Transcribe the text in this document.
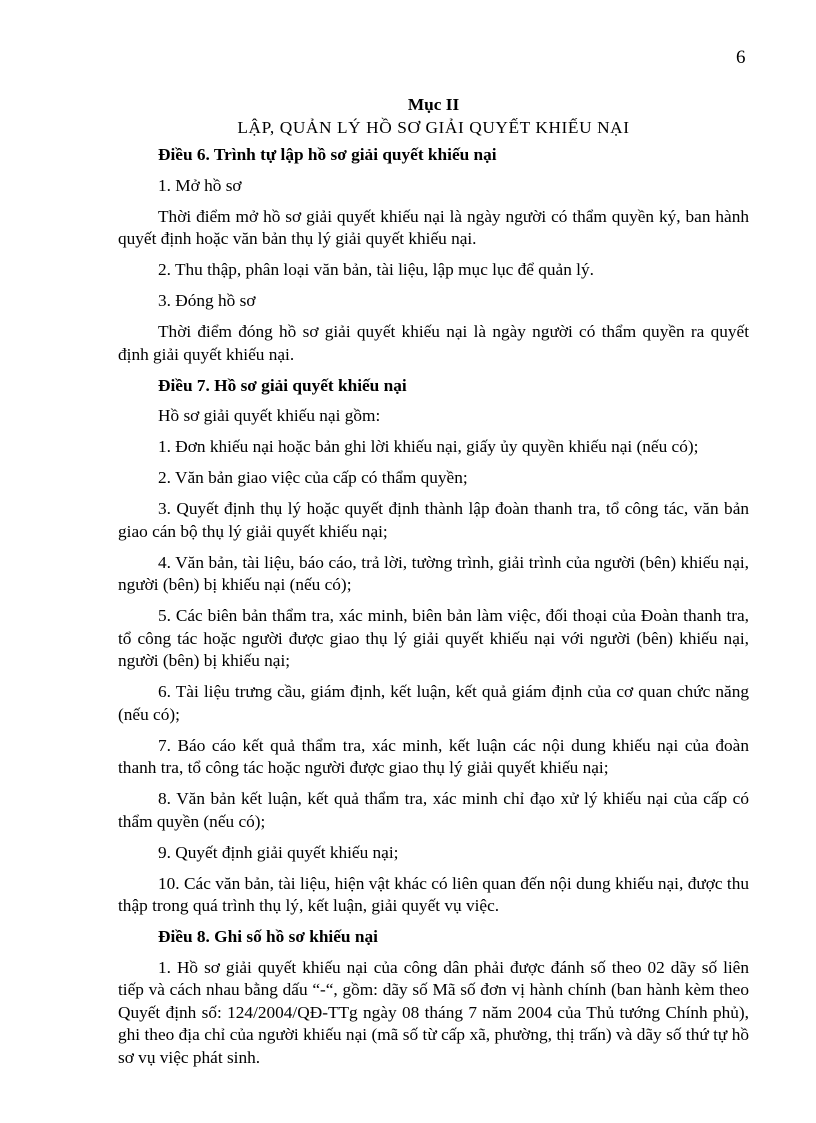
6

Mục II

LẬP, QUẢN LÝ HỒ SƠ GIẢI QUYẾT KHIẾU NẠI

Điều 6. Trình tự lập hồ sơ giải quyết khiếu nại

1. Mở hồ sơ

Thời điểm mở hồ sơ giải quyết khiếu nại là ngày người có thẩm quyền ký, ban hành quyết định hoặc văn bản thụ lý giải quyết khiếu nại.

2. Thu thập, phân loại văn bản, tài liệu, lập mục lục để quản lý.

3. Đóng hồ sơ

Thời điểm đóng hồ sơ giải quyết khiếu nại là ngày người có thẩm quyền ra quyết định giải quyết khiếu nại.

Điều 7. Hồ sơ giải quyết khiếu nại

Hồ sơ giải quyết khiếu nại gồm:

1. Đơn khiếu nại hoặc bản ghi lời khiếu nại, giấy ủy quyền khiếu nại (nếu có);

2. Văn bản giao việc của cấp có thẩm quyền;

3. Quyết định thụ lý hoặc quyết định thành lập đoàn thanh tra, tổ công tác, văn bản giao cán bộ thụ lý giải quyết khiếu nại;

4. Văn bản, tài liệu, báo cáo, trả lời, tường trình, giải trình của người (bên) khiếu nại, người (bên) bị khiếu nại (nếu có);

5. Các biên bản thẩm tra, xác minh, biên bản làm việc, đối thoại của Đoàn thanh tra, tổ công tác hoặc người được giao thụ lý giải quyết khiếu nại với người (bên) khiếu nại, người (bên) bị khiếu nại;

6. Tài liệu trưng cầu, giám định, kết luận, kết quả giám định của cơ quan chức năng (nếu có);

7. Báo cáo kết quả thẩm tra, xác minh, kết luận các nội dung khiếu nại của đoàn thanh tra, tổ công tác hoặc người được giao thụ lý giải quyết khiếu nại;

8. Văn bản kết luận, kết quả thẩm tra, xác minh chỉ đạo xử lý khiếu nại của cấp có thẩm quyền (nếu có);

9. Quyết định giải quyết khiếu nại;

10. Các văn bản, tài liệu, hiện vật khác có liên quan đến nội dung khiếu nại, được thu thập trong quá trình thụ lý, kết luận, giải quyết vụ việc.

Điều 8. Ghi số hồ sơ khiếu nại

1. Hồ sơ giải quyết khiếu nại của công dân phải được đánh số theo 02 dãy số liên tiếp và cách nhau bằng dấu “-“, gồm: dãy số Mã số đơn vị hành chính (ban hành kèm theo Quyết định số: 124/2004/QĐ-TTg ngày 08 tháng 7 năm 2004 của Thủ tướng Chính phủ), ghi theo địa chỉ của người khiếu nại (mã số từ cấp xã, phường, thị trấn) và dãy số thứ tự hồ sơ vụ việc phát sinh.
